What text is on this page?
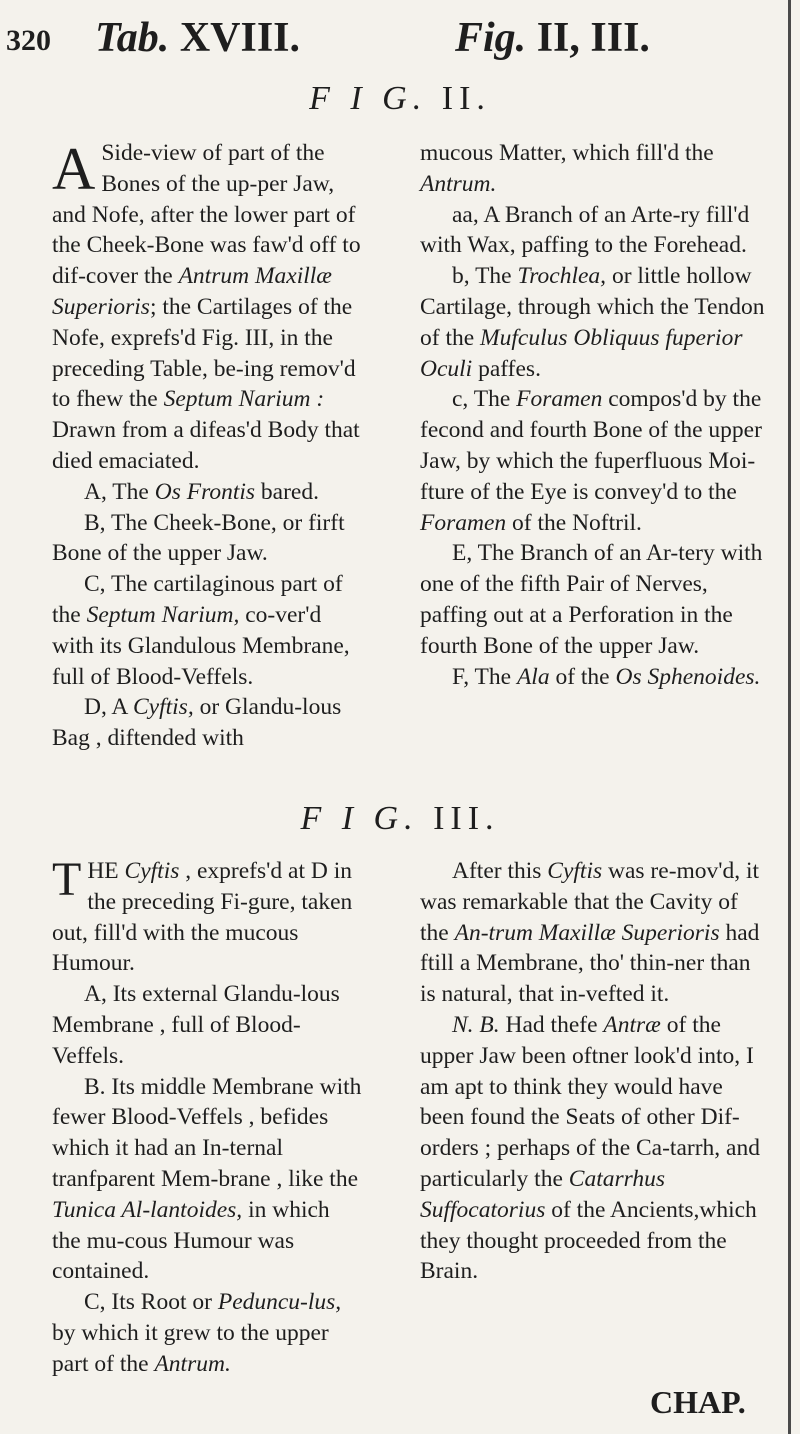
320 Tab. XVIII.	Fig. II, III.
F I G. II.

A Side-view of part of the Bones of the up-per Jaw, and Nofe, after the lower part of the Cheek-Bone was faw'd off to dif-cover the Antrum Maxillæ Superioris; the Cartilages of the Nofe, exprefs'd Fig. III, in the preceding Table, be-ing remov'd to fhew the Septum Narium : Drawn from a difeas'd Body that died emaciated.

A, The Os Frontis bared.

B, The Cheek-Bone, or firft Bone of the upper Jaw.

C, The cartilaginous part of the Septum Narium, co-ver'd with its Glandulous Membrane, full of Blood-Veffels.

D, A Cyftis, or Glandu-lous Bag , diftended with

mucous Matter, which fill'd the Antrum.

aa, A Branch of an Arte-ry fill'd with Wax, paffing to the Forehead.

b, The Trochlea, or little hollow Cartilage, through which the Tendon of the Mufculus Obliquus fuperior Oculi paffes.

c, The Foramen compos'd by the fecond and fourth Bone of the upper Jaw, by which the fuperfluous Moi-fture of the Eye is convey'd to the Foramen of the Noftril.

E, The Branch of an Ar-tery with one of the fifth Pair of Nerves, paffing out at a Perforation in the fourth Bone of the upper Jaw.

F, The Ala of the Os Sphenoides.

F I G. III.

THE Cyftis , exprefs'd at D in the preceding Fi-gure, taken out, fill'd with the mucous Humour.

A, Its external Glandu-lous Membrane , full of Blood-Veffels.

B. Its middle Membrane with fewer Blood-Veffels , befides which it had an In-ternal tranfparent Mem-brane , like the Tunica Al-lantoides, in which the mu-cous Humour was contained.

C, Its Root or Peduncu-lus, by which it grew to the upper part of the Antrum.

After this Cyftis was re-mov'd, it was remarkable that the Cavity of the An-trum Maxillæ Superioris had ftill a Membrane, tho' thin-ner than is natural, that in-vefted it.

N. B. Had thefe Antræ of the upper Jaw been oftner look'd into, I am apt to think they would have been found the Seats of other Dif-orders ; perhaps of the Ca-tarrh, and particularly the Catarrhus Suffocatorius of the Ancients,which they thought proceeded from the Brain.

CHAP.
